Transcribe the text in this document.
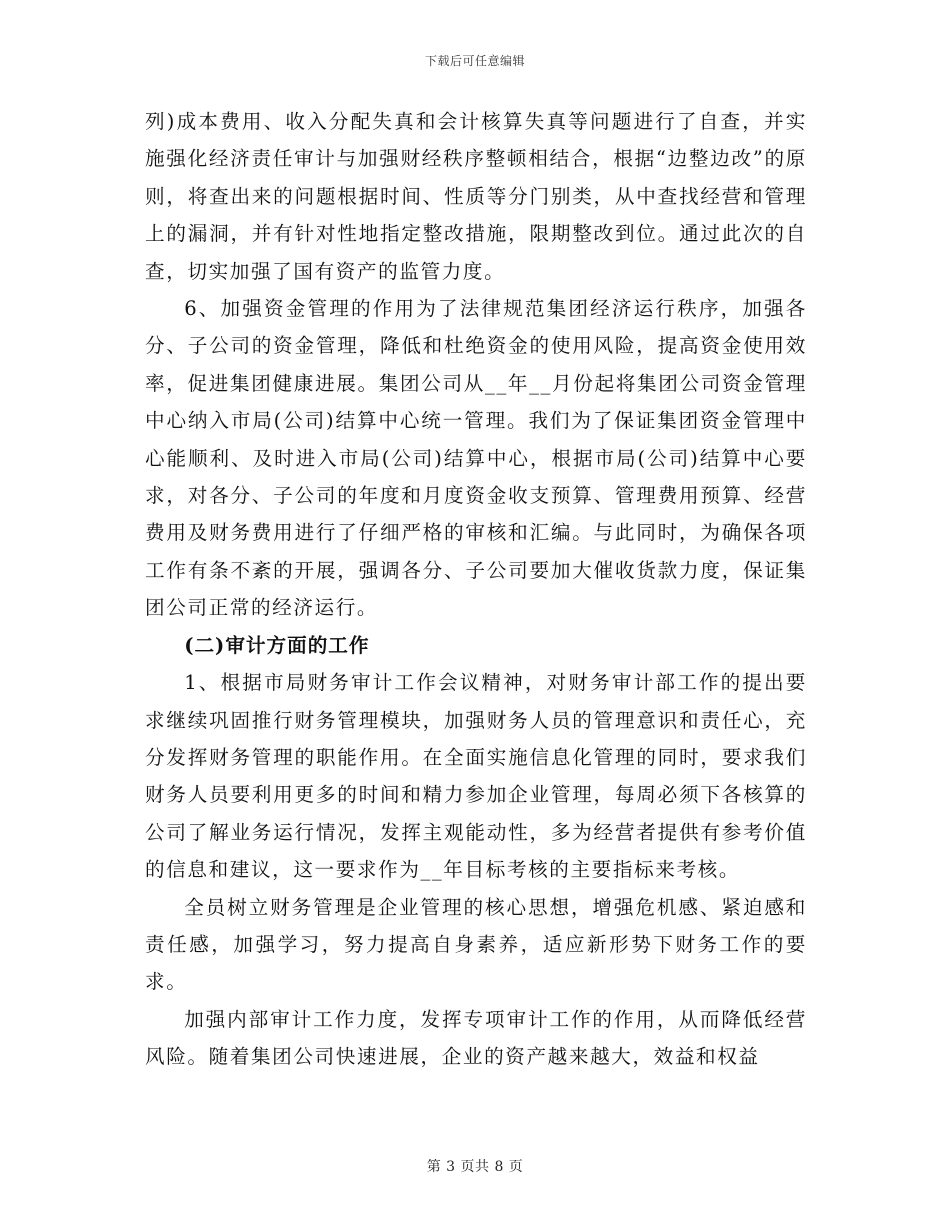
下载后可任意编辑

列)成本费用、收入分配失真和会计核算失真等问题进行了自查，并实施强化经济责任审计与加强财经秩序整顿相结合，根据“边整边改”的原则，将查出来的问题根据时间、性质等分门别类，从中查找经营和管理上的漏洞，并有针对性地指定整改措施，限期整改到位。通过此次的自查，切实加强了国有资产的监管力度。

6、加强资金管理的作用为了法律规范集团经济运行秩序，加强各分、子公司的资金管理，降低和杜绝资金的使用风险，提高资金使用效率，促进集团健康进展。集团公司从__年__月份起将集团公司资金管理中心纳入市局(公司)结算中心统一管理。我们为了保证集团资金管理中心能顺利、及时进入市局(公司)结算中心，根据市局(公司)结算中心要求，对各分、子公司的年度和月度资金收支预算、管理费用预算、经营费用及财务费用进行了仔细严格的审核和汇编。与此同时，为确保各项工作有条不紊的开展，强调各分、子公司要加大催收货款力度，保证集团公司正常的经济运行。

(二)审计方面的工作

1、根据市局财务审计工作会议精神，对财务审计部工作的提出要求继续巩固推行财务管理模块，加强财务人员的管理意识和责任心，充分发挥财务管理的职能作用。在全面实施信息化管理的同时，要求我们财务人员要利用更多的时间和精力参加企业管理，每周必须下各核算的公司了解业务运行情况，发挥主观能动性，多为经营者提供有参考价值的信息和建议，这一要求作为__年目标考核的主要指标来考核。

全员树立财务管理是企业管理的核心思想，增强危机感、紧迫感和责任感，加强学习，努力提高自身素养，适应新形势下财务工作的要求。

加强内部审计工作力度，发挥专项审计工作的作用，从而降低经营风险。随着集团公司快速进展，企业的资产越来越大，效益和权益

第 3 页共 8 页
